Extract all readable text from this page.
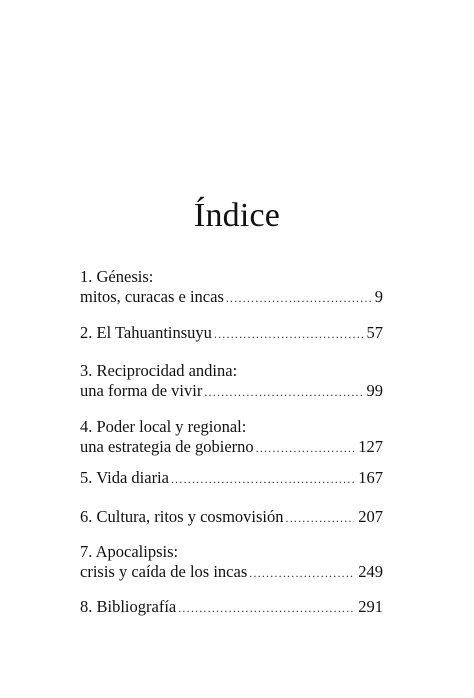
Índice
1. Génesis:
mitos, curacas e incas .....	9
2. El Tahuantinsuyu .....	57
3. Reciprocidad andina:
una forma de vivir .....	99
4. Poder local y regional:
una estrategia de gobierno .....	127
5. Vida diaria .....	167
6. Cultura, ritos y cosmovisión .....	207
7. Apocalipsis:
crisis y caída de los incas .....	249
8. Bibliografía .....	291
